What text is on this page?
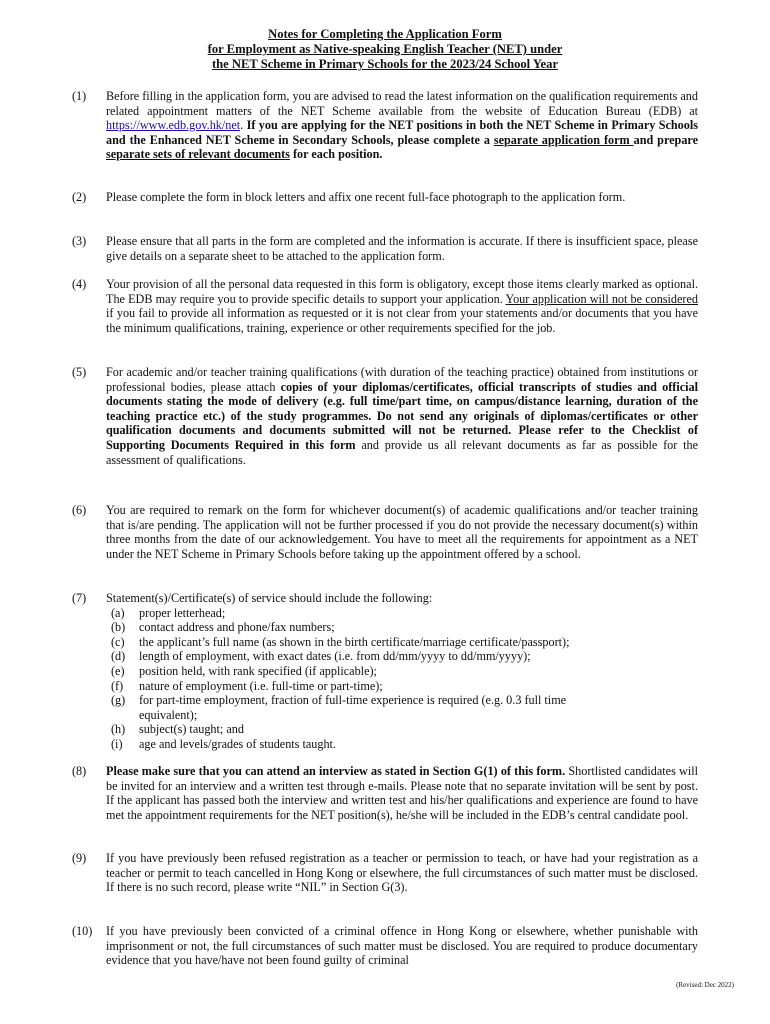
Notes for Completing the Application Form
for Employment as Native-speaking English Teacher (NET) under
the NET Scheme in Primary Schools for the 2023/24 School Year
(1) Before filling in the application form, you are advised to read the latest information on the qualification requirements and related appointment matters of the NET Scheme available from the website of Education Bureau (EDB) at https://www.edb.gov.hk/net. If you are applying for the NET positions in both the NET Scheme in Primary Schools and the Enhanced NET Scheme in Secondary Schools, please complete a separate application form and prepare separate sets of relevant documents for each position.
(2) Please complete the form in block letters and affix one recent full-face photograph to the application form.
(3) Please ensure that all parts in the form are completed and the information is accurate. If there is insufficient space, please give details on a separate sheet to be attached to the application form.
(4) Your provision of all the personal data requested in this form is obligatory, except those items clearly marked as optional. The EDB may require you to provide specific details to support your application. Your application will not be considered if you fail to provide all information as requested or it is not clear from your statements and/or documents that you have the minimum qualifications, training, experience or other requirements specified for the job.
(5) For academic and/or teacher training qualifications (with duration of the teaching practice) obtained from institutions or professional bodies, please attach copies of your diplomas/certificates, official transcripts of studies and official documents stating the mode of delivery (e.g. full time/part time, on campus/distance learning, duration of the teaching practice etc.) of the study programmes. Do not send any originals of diplomas/certificates or other qualification documents and documents submitted will not be returned. Please refer to the Checklist of Supporting Documents Required in this form and provide us all relevant documents as far as possible for the assessment of qualifications.
(6) You are required to remark on the form for whichever document(s) of academic qualifications and/or teacher training that is/are pending. The application will not be further processed if you do not provide the necessary document(s) within three months from the date of our acknowledgement. You have to meet all the requirements for appointment as a NET under the NET Scheme in Primary Schools before taking up the appointment offered by a school.
(7) Statement(s)/Certificate(s) of service should include the following:
(a) proper letterhead;
(b) contact address and phone/fax numbers;
(c) the applicant’s full name (as shown in the birth certificate/marriage certificate/passport);
(d) length of employment, with exact dates (i.e. from dd/mm/yyyy to dd/mm/yyyy);
(e) position held, with rank specified (if applicable);
(f) nature of employment (i.e. full-time or part-time);
(g) for part-time employment, fraction of full-time experience is required (e.g. 0.3 full time equivalent);
(h) subject(s) taught; and
(i) age and levels/grades of students taught.
(8) Please make sure that you can attend an interview as stated in Section G(1) of this form. Shortlisted candidates will be invited for an interview and a written test through e-mails. Please note that no separate invitation will be sent by post. If the applicant has passed both the interview and written test and his/her qualifications and experience are found to have met the appointment requirements for the NET position(s), he/she will be included in the EDB’s central candidate pool.
(9) If you have previously been refused registration as a teacher or permission to teach, or have had your registration as a teacher or permit to teach cancelled in Hong Kong or elsewhere, the full circumstances of such matter must be disclosed. If there is no such record, please write “NIL” in Section G(3).
(10) If you have previously been convicted of a criminal offence in Hong Kong or elsewhere, whether punishable with imprisonment or not, the full circumstances of such matter must be disclosed. You are required to produce documentary evidence that you have/have not been found guilty of criminal
(Revised: Dec 2022)
